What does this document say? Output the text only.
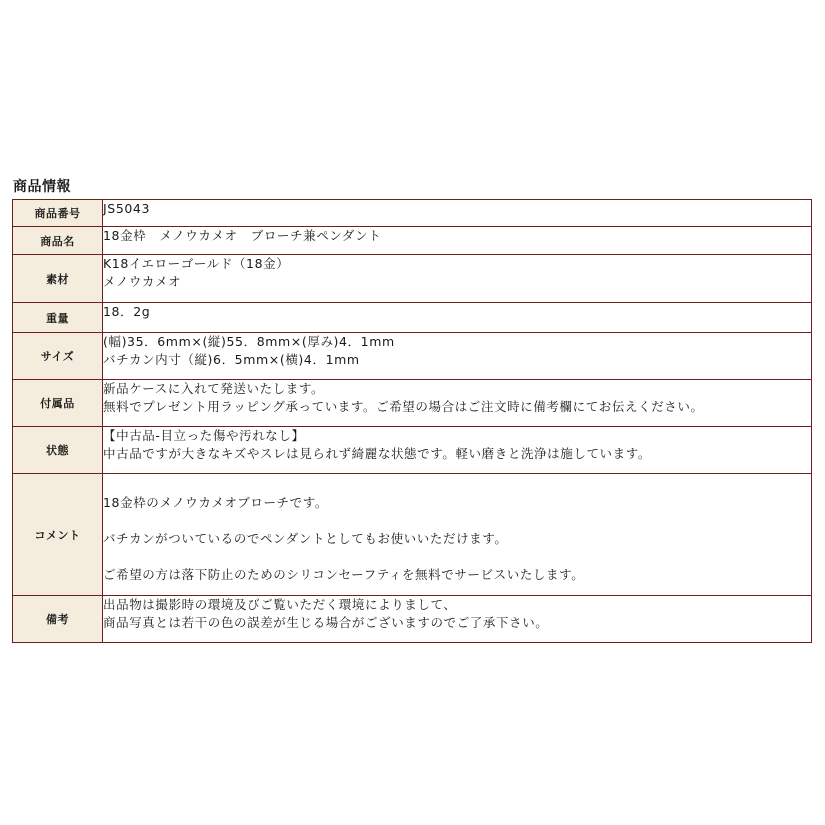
商品情報
商品番号	JS5043

商品名	18金枠　メノウカメオ　ブローチ兼ペンダント

素材	K18イエローゴールド（18金）
メノウカメオ

重量	18．2g

サイズ	(幅)35．6mm×(縦)55．8mm×(厚み)4．1mm
バチカン内寸（縦)6．5mm×(横)4．1mm

付属品	新品ケースに入れて発送いたします。
無料でプレゼント用ラッピング承っています。ご希望の場合はご注文時に備考欄にてお伝えください。

状態	【中古品-目立った傷や汚れなし】
中古品ですが大きなキズやスレは見られず綺麗な状態です。軽い磨きと洗浄は施しています。

コメント	18金枠のメノウカメオブローチです。
バチカンがついているのでペンダントとしてもお使いいただけます。
ご希望の方は落下防止のためのシリコンセーフティを無料でサービスいたします。

備考	出品物は撮影時の環境及びご覧いただく環境によりまして、
商品写真とは若干の色の誤差が生じる場合がございますのでご了承下さい。
